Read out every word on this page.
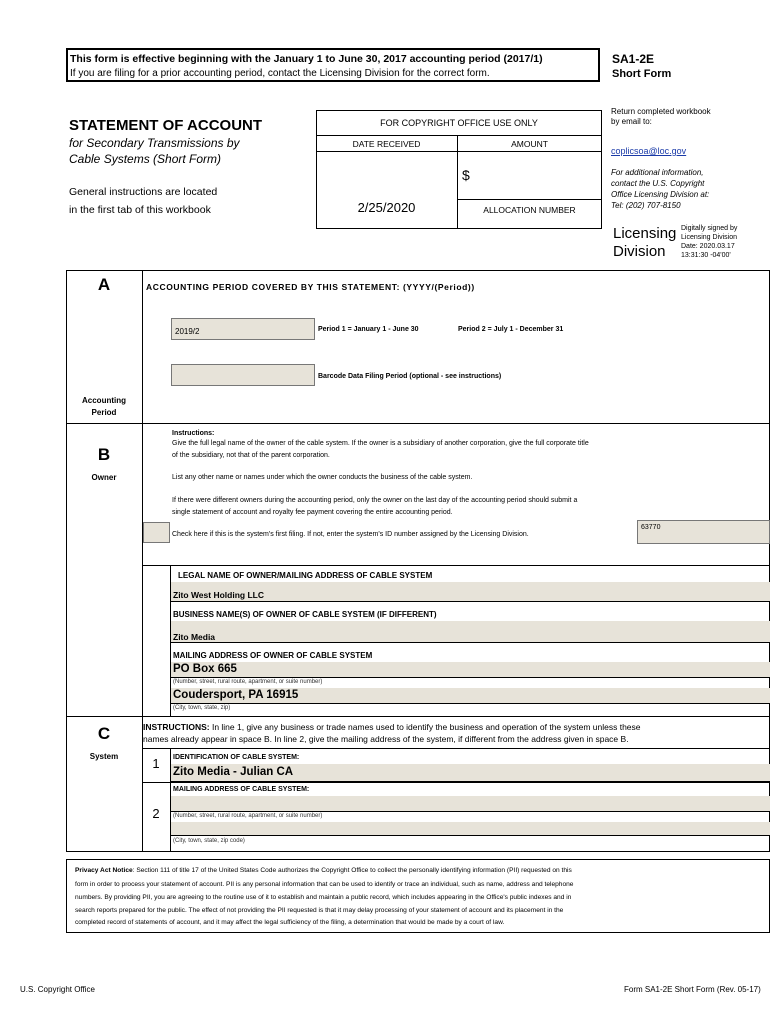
This form is effective beginning with the January 1 to June 30, 2017 accounting period (2017/1)
If you are filing for a prior accounting period, contact the Licensing Division for the correct form.
SA1-2E
Short Form
STATEMENT OF ACCOUNT
for Secondary Transmissions by
Cable Systems (Short Form)
General instructions are located
in the first tab of this workbook
FOR COPYRIGHT OFFICE USE ONLY
DATE RECEIVED	AMOUNT
$
2/25/2020	ALLOCATION NUMBER
Return completed workbook
by email to:
coplicsoa@loc.gov
For additional information,
contact the U.S. Copyright
Office Licensing Division at:
Tel: (202) 707-8150
Licensing
Division
Digitally signed by
Licensing Division
Date: 2020.03.17
13:31:30 -04'00'
A	ACCOUNTING PERIOD COVERED BY THIS STATEMENT: (YYYY/(Period))
2019/2	Period 1 = January 1 - June 30	Period 2 = July 1 - December 31
Barcode Data Filing Period (optional - see instructions)
Accounting
Period
B
Owner
Instructions:
Give the full legal name of the owner of the cable system. If the owner is a subsidiary of another corporation, give the full corporate title
of the subsidiary, not that of the parent corporation.
List any other name or names under which the owner conducts the business of the cable system.
If there were different owners during the accounting period, only the owner on the last day of the accounting period should submit a
single statement of account and royalty fee payment covering the entire accounting period.
Check here if this is the system's first filing. If not, enter the system's ID number assigned by the Licensing Division.
63770
LEGAL NAME OF OWNER/MAILING ADDRESS OF CABLE SYSTEM
Zito West Holding LLC
BUSINESS NAME(S) OF OWNER OF CABLE SYSTEM (IF DIFFERENT)
Zito Media
MAILING ADDRESS OF OWNER OF CABLE SYSTEM
PO Box 665
(Number, street, rural route, apartment, or suite number)
Coudersport, PA 16915
(City, town, state, zip)
C
System
INSTRUCTIONS: In line 1, give any business or trade names used to identify the business and operation of the system unless these
names already appear in space B. In line 2, give the mailing address of the system, if different from the address given in space B.
1	IDENTIFICATION OF CABLE SYSTEM:
Zito Media - Julian CA
MAILING ADDRESS OF CABLE SYSTEM:
2	(Number, street, rural route, apartment, or suite number)
(City, town, state, zip code)
Privacy Act Notice: Section 111 of title 17 of the United States Code authorizes the Copyright Office to collect the personally identifying information (PII) requested on this
form in order to process your statement of account. PII is any personal information that can be used to identify or trace an individual, such as name, address and telephone
numbers. By providing PII, you are agreeing to the routine use of it to establish and maintain a public record, which includes appearing in the Office's public indexes and in
search reports prepared for the public. The effect of not providing the PII requested is that it may delay processing of your statement of account and its placement in the
completed record of statements of account, and it may affect the legal sufficiency of the filing, a determination that would be made by a court of law.
U.S. Copyright Office	Form SA1-2E Short Form (Rev. 05-17)
